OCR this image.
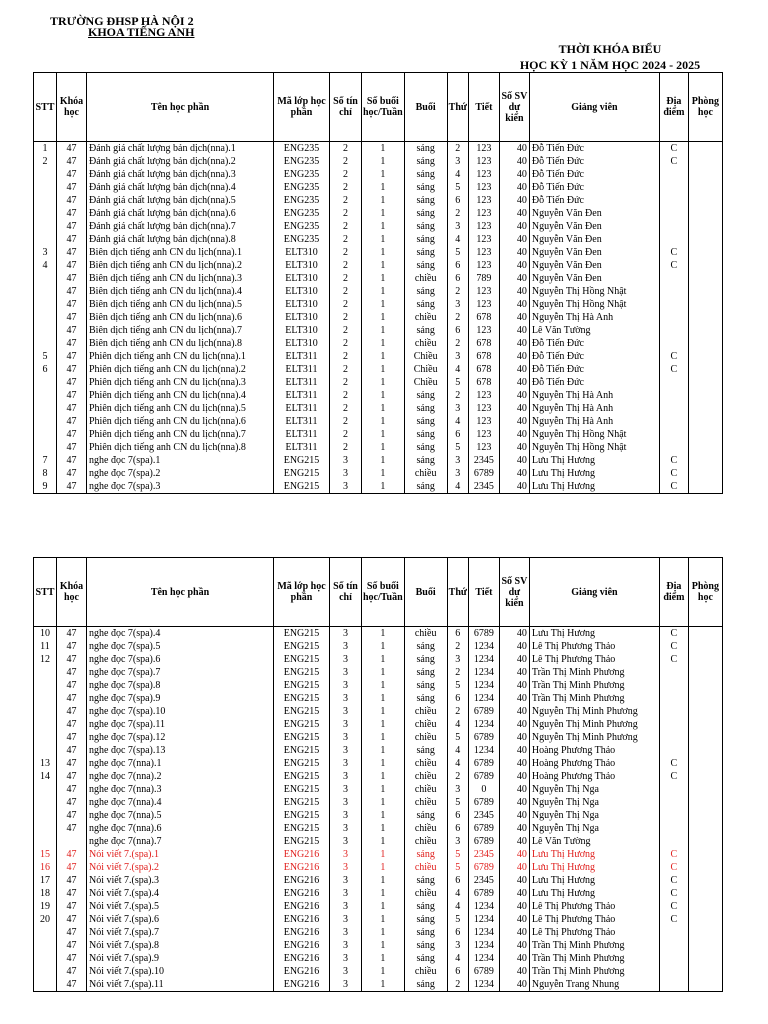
TRƯỜNG ĐHSP HÀ NỘI 2
KHOA TIẾNG ANH
THỜI KHÓA BIỂU
HỌC KỲ 1 NĂM HỌC 2024 - 2025
STT	Khóa học	Tên học phần	Mã lớp học phần	Số tín chỉ	Số buổi học/Tuần	Buổi	Thứ	Tiết	Số SV dự kiến	Giảng viên	Địa điểm	Phòng học
1	47	Đánh giá chất lượng bản dịch(nna).1	ENG235	2	1	sáng	2	123	40	Đỗ Tiến Đức	C	
2	47	Đánh giá chất lượng bản dịch(nna).2	ENG235	2	1	sáng	3	123	40	Đỗ Tiến Đức	C	
	47	Đánh giá chất lượng bản dịch(nna).3	ENG235	2	1	sáng	4	123	40	Đỗ Tiến Đức		
	47	Đánh giá chất lượng bản dịch(nna).4	ENG235	2	1	sáng	5	123	40	Đỗ Tiến Đức		
	47	Đánh giá chất lượng bản dịch(nna).5	ENG235	2	1	sáng	6	123	40	Đỗ Tiến Đức		
	47	Đánh giá chất lượng bản dịch(nna).6	ENG235	2	1	sáng	2	123	40	Nguyễn Văn Đen		
	47	Đánh giá chất lượng bản dịch(nna).7	ENG235	2	1	sáng	3	123	40	Nguyễn Văn Đen		
	47	Đánh giá chất lượng bản dịch(nna).8	ENG235	2	1	sáng	4	123	40	Nguyễn Văn Đen		
3	47	Biên dịch tiếng anh CN du lịch(nna).1	ELT310	2	1	sáng	5	123	40	Nguyễn Văn Đen	C	
4	47	Biên dịch tiếng anh CN du lịch(nna).2	ELT310	2	1	sáng	6	123	40	Nguyễn Văn Đen	C	
	47	Biên dịch tiếng anh CN du lịch(nna).3	ELT310	2	1	chiều	6	789	40	Nguyễn Văn Đen		
	47	Biên dịch tiếng anh CN du lịch(nna).4	ELT310	2	1	sáng	2	123	40	Nguyễn Thị Hồng Nhật		
	47	Biên dịch tiếng anh CN du lịch(nna).5	ELT310	2	1	sáng	3	123	40	Nguyễn Thị Hồng Nhật		
	47	Biên dịch tiếng anh CN du lịch(nna).6	ELT310	2	1	chiều	2	678	40	Nguyễn Thị Hà Anh		
	47	Biên dịch tiếng anh CN du lịch(nna).7	ELT310	2	1	sáng	6	123	40	Lê Văn Tường		
	47	Biên dịch tiếng anh CN du lịch(nna).8	ELT310	2	1	chiều	2	678	40	Đỗ Tiến Đức		
5	47	Phiên dịch tiếng anh CN du lịch(nna).1	ELT311	2	1	Chiều	3	678	40	Đỗ Tiến Đức	C	
6	47	Phiên dịch tiếng anh CN du lịch(nna).2	ELT311	2	1	Chiều	4	678	40	Đỗ Tiến Đức	C	
	47	Phiên dịch tiếng anh CN du lịch(nna).3	ELT311	2	1	Chiều	5	678	40	Đỗ Tiến Đức		
	47	Phiên dịch tiếng anh CN du lịch(nna).4	ELT311	2	1	sáng	2	123	40	Nguyễn Thị Hà Anh		
	47	Phiên dịch tiếng anh CN du lịch(nna).5	ELT311	2	1	sáng	3	123	40	Nguyễn Thị Hà Anh		
	47	Phiên dịch tiếng anh CN du lịch(nna).6	ELT311	2	1	sáng	4	123	40	Nguyễn Thị Hà Anh		
	47	Phiên dịch tiếng anh CN du lịch(nna).7	ELT311	2	1	sáng	6	123	40	Nguyễn Thị Hồng Nhật		
	47	Phiên dịch tiếng anh CN du lịch(nna).8	ELT311	2	1	sáng	5	123	40	Nguyễn Thị Hồng Nhật		
7	47	nghe đọc 7(spa).1	ENG215	3	1	sáng	3	2345	40	Lưu Thị Hương	C	
8	47	nghe đọc 7(spa).2	ENG215	3	1	chiều	3	6789	40	Lưu Thị Hương	C	
9	47	nghe đọc 7(spa).3	ENG215	3	1	sáng	4	2345	40	Lưu Thị Hương	C	
STT	Khóa học	Tên học phần	Mã lớp học phần	Số tín chỉ	Số buổi học/Tuần	Buổi	Thứ	Tiết	Số SV dự kiến	Giảng viên	Địa điểm	Phòng học
10	47	nghe đọc 7(spa).4	ENG215	3	1	chiều	6	6789	40	Lưu Thị Hương	C	
11	47	nghe đọc 7(spa).5	ENG215	3	1	sáng	2	1234	40	Lê Thị Phương Thảo	C	
12	47	nghe đọc 7(spa).6	ENG215	3	1	sáng	3	1234	40	Lê Thị Phương Thảo	C	
	47	nghe đọc 7(spa).7	ENG215	3	1	sáng	2	1234	40	Trần Thị Minh Phương		
	47	nghe đọc 7(spa).8	ENG215	3	1	sáng	5	1234	40	Trần Thị Minh Phương		
	47	nghe đọc 7(spa).9	ENG215	3	1	sáng	6	1234	40	Trần Thị Minh Phương		
	47	nghe đọc 7(spa).10	ENG215	3	1	chiều	2	6789	40	Nguyễn Thị Minh Phương		
	47	nghe đọc 7(spa).11	ENG215	3	1	chiều	4	1234	40	Nguyễn Thị Minh Phương		
	47	nghe đọc 7(spa).12	ENG215	3	1	chiều	5	6789	40	Nguyễn Thị Minh Phương		
	47	nghe đọc 7(spa).13	ENG215	3	1	sáng	4	1234	40	Hoàng Phương Thảo		
13	47	nghe đọc 7(nna).1	ENG215	3	1	chiều	4	6789	40	Hoàng Phương Thảo	C	
14	47	nghe đọc 7(nna).2	ENG215	3	1	chiều	2	6789	40	Hoàng Phương Thảo	C	
	47	nghe đọc 7(nna).3	ENG215	3	1	chiều	3	0	40	Nguyễn Thị Nga		
	47	nghe đọc 7(nna).4	ENG215	3	1	chiều	5	6789	40	Nguyễn Thị Nga		
	47	nghe đọc 7(nna).5	ENG215	3	1	sáng	6	2345	40	Nguyễn Thị Nga		
	47	nghe đọc 7(nna).6	ENG215	3	1	chiều	6	6789	40	Nguyễn Thị Nga		
		nghe đọc 7(nna).7	ENG215	3	1	chiều	3	6789	40	Lê Văn Tường		
15	47	Nói viết 7.(spa).1	ENG216	3	1	sáng	5	2345	40	Lưu Thị Hương	C	
16	47	Nói viết 7.(spa).2	ENG216	3	1	chiều	5	6789	40	Lưu Thị Hương	C	
17	47	Nói viết 7.(spa).3	ENG216	3	1	sáng	6	2345	40	Lưu Thị Hương	C	
18	47	Nói viết 7.(spa).4	ENG216	3	1	chiều	4	6789	40	Lưu Thị Hương	C	
19	47	Nói viết 7.(spa).5	ENG216	3	1	sáng	4	1234	40	Lê Thị Phương Thảo	C	
20	47	Nói viết 7.(spa).6	ENG216	3	1	sáng	5	1234	40	Lê Thị Phương Thảo	C	
	47	Nói viết 7.(spa).7	ENG216	3	1	sáng	6	1234	40	Lê Thị Phương Thảo		
	47	Nói viết 7.(spa).8	ENG216	3	1	sáng	3	1234	40	Trần Thị Minh Phương		
	47	Nói viết 7.(spa).9	ENG216	3	1	sáng	4	1234	40	Trần Thị Minh Phương		
	47	Nói viết 7.(spa).10	ENG216	3	1	chiều	6	6789	40	Trần Thị Minh Phương		
	47	Nói viết 7.(spa).11	ENG216	3	1	sáng	2	1234	40	Nguyễn Trang Nhung		
